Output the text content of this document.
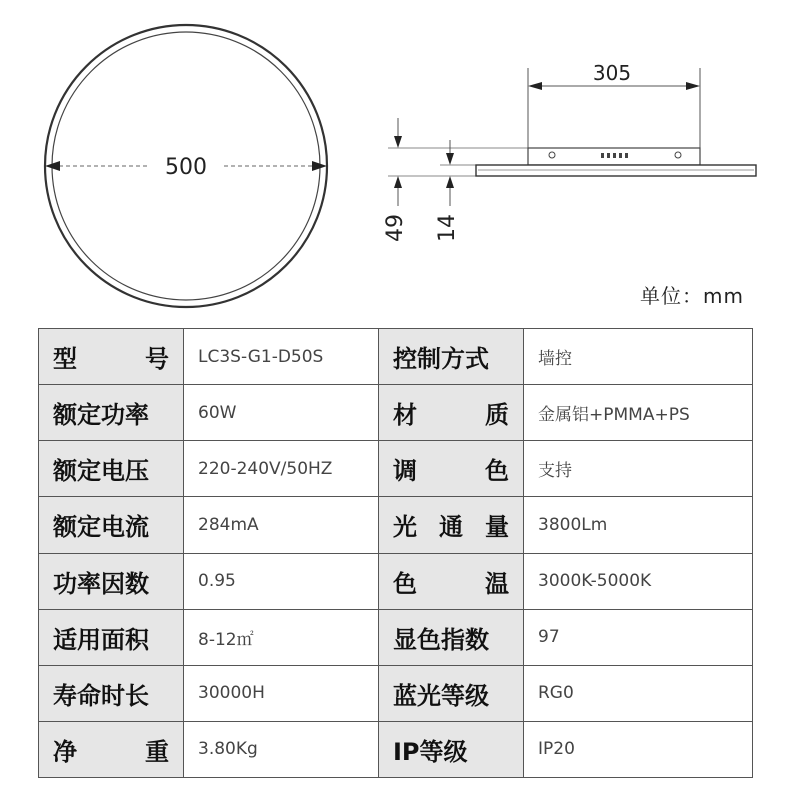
500
305
49 14
单位：mm
型 号	LC3S-G1-D50S	控制方式	墙控

额定功率	60W	材 质	金属铝+PMMA+PS

额定电压	220-240V/50HZ	调 色	支持

额定电流	284mA	光 通 量	3800Lm

功率因数	0.95	色 温	3000K-5000K

适用面积	8-12㎡	显色指数	97

寿命时长	30000H	蓝光等级	RG0

净 重	3.80Kg	IP等级	IP20
